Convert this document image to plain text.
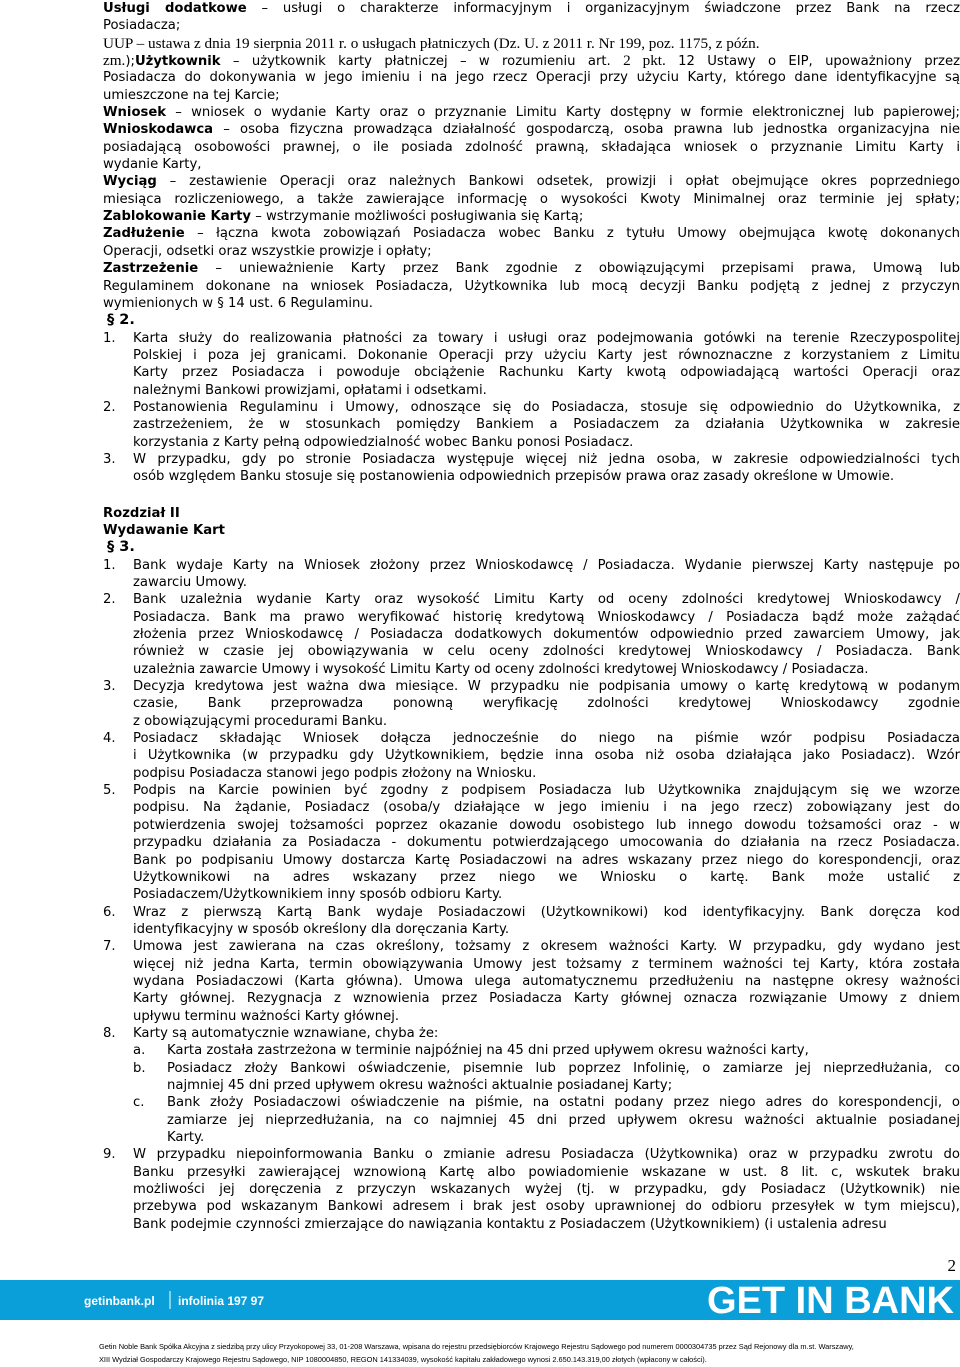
Usługi dodatkowe – usługi o charakterze informacyjnym i organizacyjnym świadczone przez Bank na rzecz
Posiadacza;
UUP – ustawa z dnia 19 sierpnia 2011 r. o usługach płatniczych (Dz. U. z 2011 r. Nr 199, poz. 1175, z późn.
zm.);Użytkownik – użytkownik karty płatniczej – w rozumieniu art. 2 pkt. 12 Ustawy o EIP, upoważniony przez
Posiadacza do dokonywania w jego imieniu i na jego rzecz Operacji przy użyciu Karty, którego dane identyfikacyjne są
umieszczone na tej Karcie;
Wniosek – wniosek o wydanie Karty oraz o przyznanie Limitu Karty dostępny w formie elektronicznej lub papierowej;
Wnioskodawca – osoba fizyczna prowadząca działalność gospodarczą, osoba prawna lub jednostka organizacyjna nie
posiadającą osobowości prawnej, o ile posiada zdolność prawną, składająca wniosek o przyznanie Limitu Karty i
wydanie Karty,
Wyciąg – zestawienie Operacji oraz należnych Bankowi odsetek, prowizji i opłat obejmujące okres poprzedniego
miesiąca rozliczeniowego, a także zawierające informację o wysokości Kwoty Minimalnej oraz terminie jej spłaty;
Zablokowanie Karty – wstrzymanie możliwości posługiwania się Kartą;
Zadłużenie – łączna kwota zobowiązań Posiadacza wobec Banku z tytułu Umowy obejmująca kwotę dokonanych
Operacji, odsetki oraz wszystkie prowizje i opłaty;
Zastrzeżenie – unieważnienie Karty przez Bank zgodnie z obowiązującymi przepisami prawa, Umową lub
Regulaminem dokonane na wniosek Posiadacza, Użytkownika lub mocą decyzji Banku podjętą z jednej z przyczyn
wymienionych w § 14 ust. 6 Regulaminu.
§ 2.
1. Karta służy do realizowania płatności za towary i usługi oraz podejmowania gotówki na terenie Rzeczypospolitej
Polskiej i poza jej granicami. Dokonanie Operacji przy użyciu Karty jest równoznaczne z korzystaniem z Limitu
Karty przez Posiadacza i powoduje obciążenie Rachunku Karty kwotą odpowiadającą wartości Operacji oraz
należnymi Bankowi prowizjami, opłatami i odsetkami.
2. Postanowienia Regulaminu i Umowy, odnoszące się do Posiadacza, stosuje się odpowiednio do Użytkownika, z
zastrzeżeniem, że w stosunkach pomiędzy Bankiem a Posiadaczem za działania Użytkownika w zakresie
korzystania z Karty pełną odpowiedzialność wobec Banku ponosi Posiadacz.
3. W przypadku, gdy po stronie Posiadacza występuje więcej niż jedna osoba, w zakresie odpowiedzialności tych
osób względem Banku stosuje się postanowienia odpowiednich przepisów prawa oraz zasady określone w Umowie.
Rozdział II
Wydawanie Kart
§ 3.
1. Bank wydaje Karty na Wniosek złożony przez Wnioskodawcę / Posiadacza. Wydanie pierwszej Karty następuje po
zawarciu Umowy.
2. Bank uzależnia wydanie Karty oraz wysokość Limitu Karty od oceny zdolności kredytowej Wnioskodawcy /
Posiadacza. Bank ma prawo weryfikować historię kredytową Wnioskodawcy / Posiadacza bądź może zażądać
złożenia przez Wnioskodawcę / Posiadacza dodatkowych dokumentów odpowiednio przed zawarciem Umowy, jak
również w czasie jej obowiązywania w celu oceny zdolności kredytowej Wnioskodawcy / Posiadacza. Bank
uzależnia zawarcie Umowy i wysokość Limitu Karty od oceny zdolności kredytowej Wnioskodawcy / Posiadacza.
3. Decyzja kredytowa jest ważna dwa miesiące. W przypadku nie podpisania umowy o kartę kredytową w podanym
czasie, Bank przeprowadza ponowną weryfikację zdolności kredytowej Wnioskodawcy zgodnie
z obowiązującymi procedurami Banku.
4. Posiadacz składając Wniosek dołącza jednocześnie do niego na piśmie wzór podpisu Posiadacza
i Użytkownika (w przypadku gdy Użytkownikiem, będzie inna osoba niż osoba działająca jako Posiadacz). Wzór
podpisu Posiadacza stanowi jego podpis złożony na Wniosku.
5. Podpis na Karcie powinien być zgodny z podpisem Posiadacza lub Użytkownika znajdującym się we wzorze
podpisu. Na żądanie, Posiadacz (osoba/y działające w jego imieniu i na jego rzecz) zobowiązany jest do
potwierdzenia swojej tożsamości poprzez okazanie dowodu osobistego lub innego dowodu tożsamości oraz - w
przypadku działania za Posiadacza - dokumentu potwierdzającego umocowania do działania na rzecz Posiadacza.
Bank po podpisaniu Umowy dostarcza Kartę Posiadaczowi na adres wskazany przez niego do korespondencji, oraz
Użytkownikowi na adres wskazany przez niego we Wniosku o kartę. Bank może ustalić z
Posiadaczem/Użytkownikiem inny sposób odbioru Karty.
6. Wraz z pierwszą Kartą Bank wydaje Posiadaczowi (Użytkownikowi) kod identyfikacyjny. Bank doręcza kod
identyfikacyjny w sposób określony dla doręczania Karty.
7. Umowa jest zawierana na czas określony, tożsamy z okresem ważności Karty. W przypadku, gdy wydano jest
więcej niż jedna Karta, termin obowiązywania Umowy jest tożsamy z terminem ważności tej Karty, która została
wydana Posiadaczowi (Karta główna). Umowa ulega automatycznemu przedłużeniu na następne okresy ważności
Karty głównej. Rezygnacja z wznowienia przez Posiadacza Karty głównej oznacza rozwiązanie Umowy z dniem
upływu terminu ważności Karty głównej.
8. Karty są automatycznie wznawiane, chyba że:
a. Karta została zastrzeżona w terminie najpóźniej na 45 dni przed upływem okresu ważności karty,
b. Posiadacz złoży Bankowi oświadczenie, pisemnie lub poprzez Infolinię, o zamiarze jej nieprzedłużania, co
najmniej 45 dni przed upływem okresu ważności aktualnie posiadanej Karty;
c. Bank złoży Posiadaczowi oświadczenie na piśmie, na ostatni podany przez niego adres do korespondencji, o
zamiarze jej nieprzedłużania, na co najmniej 45 dni przed upływem okresu ważności aktualnie posiadanej
Karty.
9. W przypadku niepoinformowania Banku o zmianie adresu Posiadacza (Użytkownika) oraz w przypadku zwrotu do
Banku przesyłki zawierającej wznowioną Kartę albo powiadomienie wskazane w ust. 8 lit. c, wskutek braku
możliwości jej doręczenia z przyczyn wskazanych wyżej (tj. w przypadku, gdy Posiadacz (Użytkownik) nie
przebywa pod wskazanym Bankowi adresem i brak jest osoby uprawnionej do odbioru przesyłek w tym miejscu),
Bank podejmie czynności zmierzające do nawiązania kontaktu z Posiadaczem (Użytkownikiem) (i ustalenia adresu
2
getinbank.pl infolinia 197 97	GET IN BANK
Getin Noble Bank Spółka Akcyjna z siedzibą przy ulicy Przyokopowej 33, 01-208 Warszawa, wpisana do rejestru przedsiębiorców Krajowego Rejestru Sądowego pod numerem 0000304735 przez Sąd Rejonowy dla m.st. Warszawy,
XIII Wydział Gospodarczy Krajowego Rejestru Sądowego, NIP 1080004850, REGON 141334039, wysokość kapitału zakładowego wynosi 2.650.143.319,00 złotych (wpłacony w całości).
